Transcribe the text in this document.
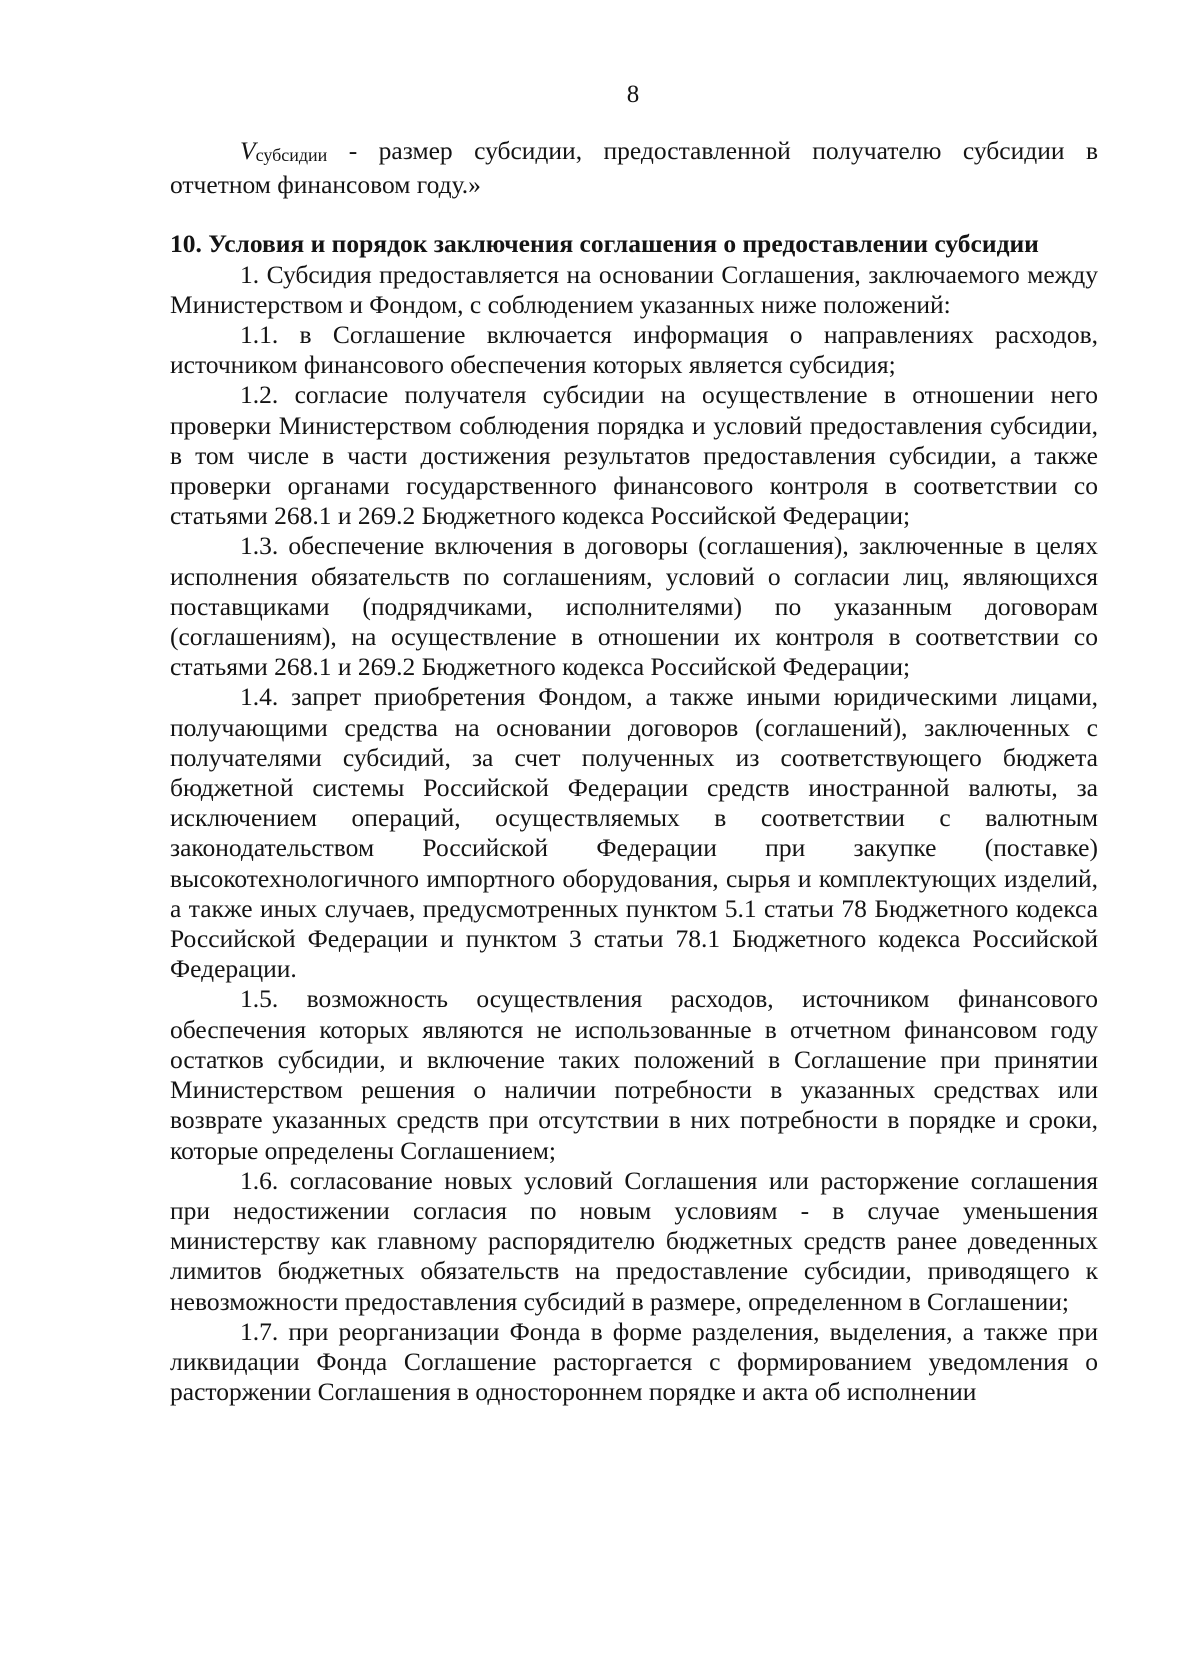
8

Vсубсидии - размер субсидии, предоставленной получателю субсидии в отчетном финансовом году.»

10. Условия и порядок заключения соглашения о предоставлении субсидии

1. Субсидия предоставляется на основании Соглашения, заключаемого между Министерством и Фондом, с соблюдением указанных ниже положений:

1.1. в Соглашение включается информация о направлениях расходов, источником финансового обеспечения которых является субсидия;

1.2. согласие получателя субсидии на осуществление в отношении него проверки Министерством соблюдения порядка и условий предоставления субсидии, в том числе в части достижения результатов предоставления субсидии, а также проверки органами государственного финансового контроля в соответствии со статьями 268.1 и 269.2 Бюджетного кодекса Российской Федерации;

1.3. обеспечение включения в договоры (соглашения), заключенные в целях исполнения обязательств по соглашениям, условий о согласии лиц, являющихся поставщиками (подрядчиками, исполнителями) по указанным договорам (соглашениям), на осуществление в отношении их контроля в соответствии со статьями 268.1 и 269.2 Бюджетного кодекса Российской Федерации;

1.4. запрет приобретения Фондом, а также иными юридическими лицами, получающими средства на основании договоров (соглашений), заключенных с получателями субсидий, за счет полученных из соответствующего бюджета бюджетной системы Российской Федерации средств иностранной валюты, за исключением операций, осуществляемых в соответствии с валютным законодательством Российской Федерации при закупке (поставке) высокотехнологичного импортного оборудования, сырья и комплектующих изделий, а также иных случаев, предусмотренных пунктом 5.1 статьи 78 Бюджетного кодекса Российской Федерации и пунктом 3 статьи 78.1 Бюджетного кодекса Российской Федерации.

1.5. возможность осуществления расходов, источником финансового обеспечения которых являются не использованные в отчетном финансовом году остатков субсидии, и включение таких положений в Соглашение при принятии Министерством решения о наличии потребности в указанных средствах или возврате указанных средств при отсутствии в них потребности в порядке и сроки, которые определены Соглашением;

1.6. согласование новых условий Соглашения или расторжение соглашения при недостижении согласия по новым условиям - в случае уменьшения министерству как главному распорядителю бюджетных средств ранее доведенных лимитов бюджетных обязательств на предоставление субсидии, приводящего к невозможности предоставления субсидий в размере, определенном в Соглашении;

1.7. при реорганизации Фонда в форме разделения, выделения, а также при ликвидации Фонда Соглашение расторгается с формированием уведомления о расторжении Соглашения в одностороннем порядке и акта об исполнении
